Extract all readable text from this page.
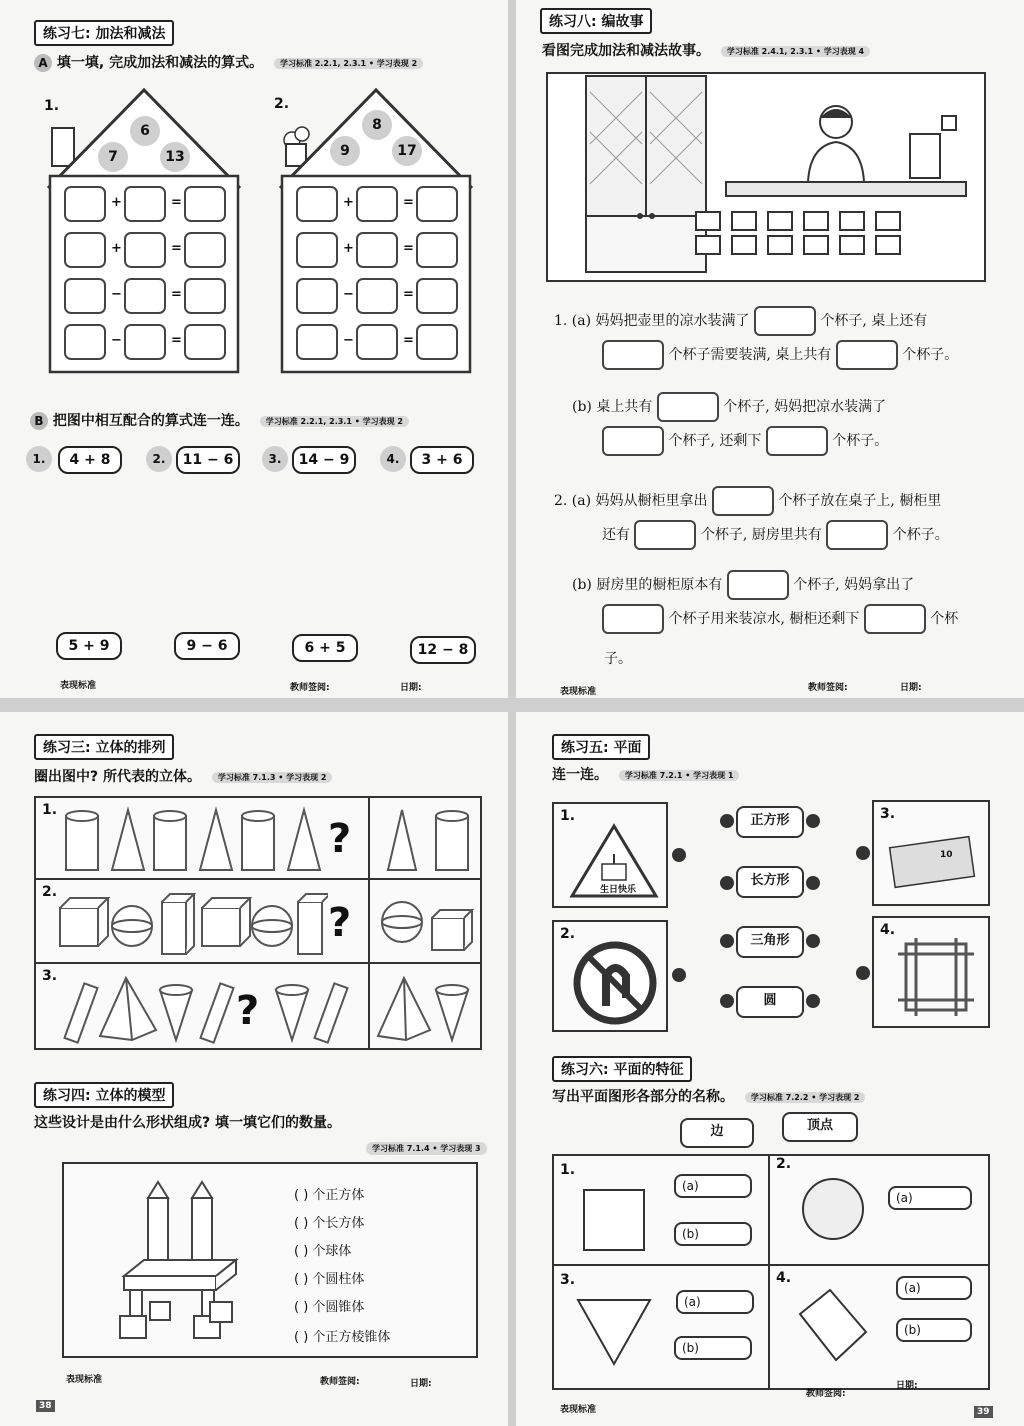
练习七: 加法和减法
A 填一填, 完成加法和减法的算式。 学习标准 2.2.1, 2.3.1 • 学习表现 2
1.
6
7	13
+	=
+	=
−	=
−	=
2.
8
9	17
+	=
+	=
−	=
−	=
B 把图中相互配合的算式连一连。 学习标准 2.2.1, 2.3.1 • 学习表现 2
1.	4 + 8	2.	11 − 6	3.	14 − 9	4.	3 + 6
5 + 9	9 − 6	6 + 5	12 − 8
表现标准	教师签阅:	日期:
练习八: 编故事
看图完成加法和减法故事。 学习标准 2.4.1, 2.3.1 • 学习表现 4
1. (a) 妈妈把壶里的凉水装满了	个杯子, 桌上还有
个杯子需要装满, 桌上共有	个杯子。
(b) 桌上共有	个杯子, 妈妈把凉水装满了
个杯子, 还剩下	个杯子。
2. (a) 妈妈从橱柜里拿出	个杯子放在桌子上, 橱柜里
还有	个杯子, 厨房里共有	个杯子。
(b) 厨房里的橱柜原本有	个杯子, 妈妈拿出了
个杯子用来装凉水, 橱柜还剩下	个杯
子。
表现标准	教师签阅:	日期:
练习三: 立体的排列
圈出图中? 所代表的立体。 学习标准 7.1.3 • 学习表现 2
1.
?
2.
?
3.
?
练习四: 立体的模型
这些设计是由什么形状组成? 填一填它们的数量。
学习标准 7.1.4 • 学习表现 3
( ) 个正方体
( ) 个长方体
( ) 个球体
( ) 个圆柱体
( ) 个圆锥体
( ) 个正方棱锥体
表现标准	教师签阅:	日期:
38
练习五: 平面
连一连。 学习标准 7.2.1 • 学习表现 1
1.
生日快乐
2.
正方形
长方形
三角形
圆
3.
10
4.
练习六: 平面的特征
写出平面图形各部分的名称。 学习标准 7.2.2 • 学习表现 2
边	顶点
1.
(a)
(b)
2.
(a)
3.
(a)
(b)
4.
(a)
(b)
表现标准
教师签阅:
日期:
39
